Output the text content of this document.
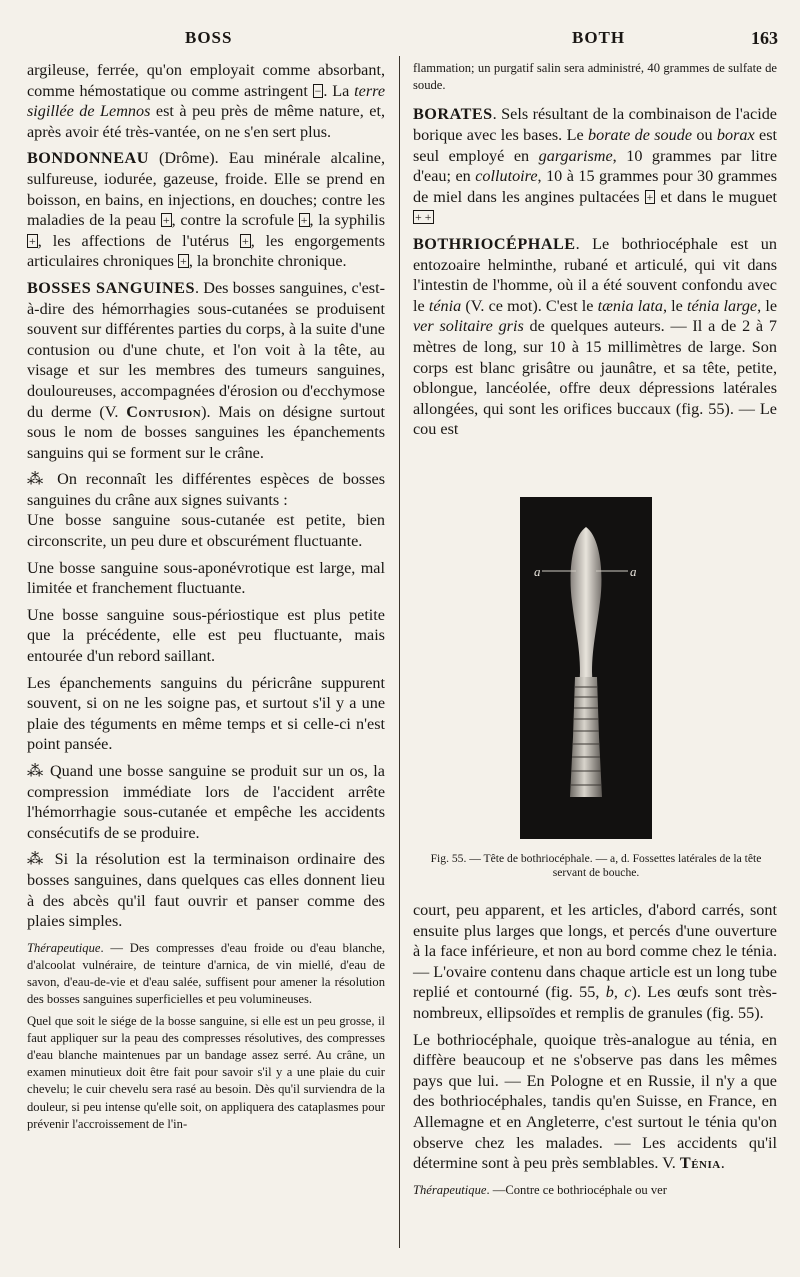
BOSS	BOTH	163

argileuse, ferrée, qu'on employait comme absorbant, comme hémostatique ou comme astringent − . La terre sigillée de Lemnos est à peu près de même nature, et, après avoir été très-vantée, on ne s'en sert plus.

BONDONNEAU (Drôme). Eau minérale alcaline, sulfureuse, iodurée, gazeuse, froide. Elle se prend en boisson, en bains, en injections, en douches; contre les maladies de la peau + , contre la scrofule + , la syphilis + , les affections de l'utérus + , les engorgements articulaires chroniques + , la bronchite chronique.

BOSSES SANGUINES. Des bosses sanguines, c'est-à-dire des hémorrhagies sous-cutanées se produisent souvent sur différentes parties du corps, à la suite d'une contusion ou d'une chute, et l'on voit à la tête, au visage et sur les membres des tumeurs sanguines, douloureuses, accompagnées d'érosion ou d'ecchymose du derme (V. Contusion). Mais on désigne surtout sous le nom de bosses sanguines les épanchements sanguins qui se forment sur le crâne.

⁂ On reconnaît les différentes espèces de bosses sanguines du crâne aux signes suivants :

Une bosse sanguine sous-cutanée est petite, bien circonscrite, un peu dure et obscurément fluctuante.

Une bosse sanguine sous-aponévrotique est large, mal limitée et franchement fluctuante.

Une bosse sanguine sous-périostique est plus petite que la précédente, elle est peu fluctuante, mais entourée d'un rebord saillant.

Les épanchements sanguins du péricrâne suppurent souvent, si on ne les soigne pas, et surtout s'il y a une plaie des téguments en même temps et si celle-ci n'est point pansée.

⁂ Quand une bosse sanguine se produit sur un os, la compression immédiate lors de l'accident arrête l'hémorrhagie sous-cutanée et empêche les accidents consécutifs de se produire.

⁂ Si la résolution est la terminaison ordinaire des bosses sanguines, dans quelques cas elles donnent lieu à des abcès qu'il faut ouvrir et panser comme des plaies simples.

Thérapeutique. — Des compresses d'eau froide ou d'eau blanche, d'alcoolat vulnéraire, de teinture d'arnica, de vin miellé, d'eau de savon, d'eau-de-vie et d'eau salée, suffisent pour amener la résolution des bosses sanguines superficielles et peu volumineuses.

Quel que soit le siége de la bosse sanguine, si elle est un peu grosse, il faut appliquer sur la peau des compresses résolutives, des compresses d'eau blanche maintenues par un bandage assez serré. Au crâne, un examen minutieux doit être fait pour savoir s'il y a une plaie du cuir chevelu; le cuir chevelu sera rasé au besoin. Dès qu'il surviendra de la douleur, si peu intense qu'elle soit, on appliquera des cataplasmes pour prévenir l'accroissement de l'in-

flammation; un purgatif salin sera administré, 40 grammes de sulfate de soude.

BORATES. Sels résultant de la combinaison de l'acide borique avec les bases. Le borate de soude ou borax est seul employé en gargarisme, 10 grammes par litre d'eau; en collutoire, 10 à 15 grammes pour 30 grammes de miel dans les angines pultacées + et dans le muguet + +

BOTHRIOCÉPHALE. Le bothriocéphale est un entozoaire helminthe, rubané et articulé, qui vit dans l'intestin de l'homme, où il a été souvent confondu avec le ténia (V. ce mot). C'est le tænia lata, le ténia large, le ver solitaire gris de quelques auteurs. — Il a de 2 à 7 mètres de long, sur 10 à 15 millimètres de large. Son corps est blanc grisâtre ou jaunâtre, et sa tête, petite, oblongue, lancéolée, offre deux dépressions latérales allongées, qui sont les orifices buccaux (fig. 55). — Le cou est

a	a
Fig. 55. — Tête de bothriocéphale. — a, d. Fossettes latérales de la tête servant de bouche.

court, peu apparent, et les articles, d'abord carrés, sont ensuite plus larges que longs, et percés d'une ouverture à la face inférieure, et non au bord comme chez le ténia. — L'ovaire contenu dans chaque article est un long tube replié et contourné (fig. 55, b, c). Les œufs sont très-nombreux, ellipsoïdes et remplis de granules (fig. 55).

Le bothriocéphale, quoique très-analogue au ténia, en diffère beaucoup et ne s'observe pas dans les mêmes pays que lui. — En Pologne et en Russie, il n'y a que des bothriocéphales, tandis qu'en Suisse, en France, en Allemagne et en Angleterre, c'est surtout le ténia qu'on observe chez les malades. — Les accidents qu'il détermine sont à peu près semblables. V. Ténia.

Thérapeutique. —Contre ce bothriocéphale ou ver
